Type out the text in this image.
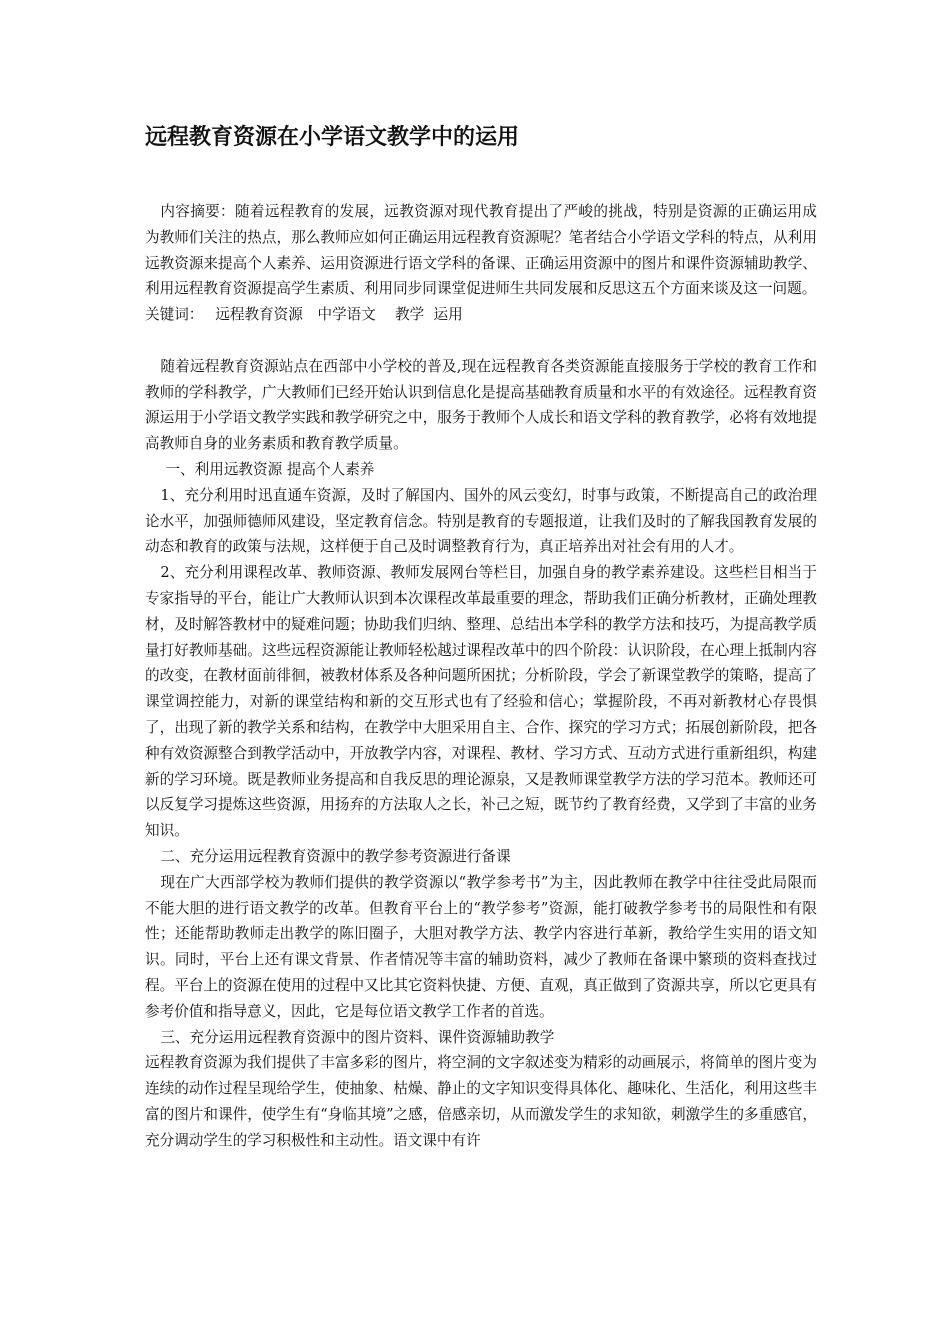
远程教育资源在小学语文教学中的运用

内容摘要：随着远程教育的发展，远教资源对现代教育提出了严峻的挑战，特别是资源的正确运用成为教师们关注的热点，那么教师应如何正确运用远程教育资源呢？笔者结合小学语文学科的特点，从利用远教资源来提高个人素养、运用资源进行语文学科的备课、正确运用资源中的图片和课件资源辅助教学、利用远程教育资源提高学生素质、利用同步同课堂促进师生共同发展和反思这五个方面来谈及这一问题。

关键词：　 远程教育资源　中学语文　 教学  运用

随着远程教育资源站点在西部中小学校的普及,现在远程教育各类资源能直接服务于学校的教育工作和教师的学科教学，广大教师们已经开始认识到信息化是提高基础教育质量和水平的有效途径。远程教育资源运用于小学语文教学实践和教学研究之中，服务于教师个人成长和语文学科的教育教学，必将有效地提高教师自身的业务素质和教育教学质量。

一、利用远教资源 提高个人素养

1、充分利用时迅直通车资源，及时了解国内、国外的风云变幻，时事与政策，不断提高自己的政治理论水平，加强师德师风建设，坚定教育信念。特别是教育的专题报道，让我们及时的了解我国教育发展的动态和教育的政策与法规，这样便于自己及时调整教育行为，真正培养出对社会有用的人才。

2、充分利用课程改革、教师资源、教师发展网台等栏目，加强自身的教学素养建设。这些栏目相当于专家指导的平台，能让广大教师认识到本次课程改革最重要的理念，帮助我们正确分析教材，正确处理教材，及时解答教材中的疑难问题；协助我们归纳、整理、总结出本学科的教学方法和技巧，为提高教学质量打好教师基础。这些远程资源能让教师轻松越过课程改革中的四个阶段：认识阶段，在心理上抵制内容的改变，在教材面前徘徊，被教材体系及各种问题所困扰；分析阶段，学会了新课堂教学的策略，提高了课堂调控能力，对新的课堂结构和新的交互形式也有了经验和信心；掌握阶段，不再对新教材心存畏惧了，出现了新的教学关系和结构，在教学中大胆采用自主、合作、探究的学习方式；拓展创新阶段，把各种有效资源整合到教学活动中，开放教学内容，对课程、教材、学习方式、互动方式进行重新组织，构建新的学习环境。既是教师业务提高和自我反思的理论源泉，又是教师课堂教学方法的学习范本。教师还可以反复学习提炼这些资源，用扬弃的方法取人之长，补己之短，既节约了教育经费，又学到了丰富的业务知识。

二、充分运用远程教育资源中的教学参考资源进行备课

现在广大西部学校为教师们提供的教学资源以“教学参考书”为主，因此教师在教学中往往受此局限而不能大胆的进行语文教学的改革。但教育平台上的“教学参考”资源，能打破教学参考书的局限性和有限性；还能帮助教师走出教学的陈旧圈子，大胆对教学方法、教学内容进行革新，教给学生实用的语文知识。同时，平台上还有课文背景、作者情况等丰富的辅助资料，减少了教师在备课中繁琐的资料查找过程。平台上的资源在使用的过程中又比其它资料快捷、方便、直观，真正做到了资源共享，所以它更具有参考价值和指导意义，因此，它是每位语文教学工作者的首选。

三、充分运用远程教育资源中的图片资料、课件资源辅助教学

远程教育资源为我们提供了丰富多彩的图片，将空洞的文字叙述变为精彩的动画展示，将简单的图片变为连续的动作过程呈现给学生，使抽象、枯燥、静止的文字知识变得具体化、趣味化、生活化，利用这些丰富的图片和课件，使学生有“身临其境”之感，倍感亲切，从而激发学生的求知欲，刺激学生的多重感官，充分调动学生的学习积极性和主动性。语文课中有许
